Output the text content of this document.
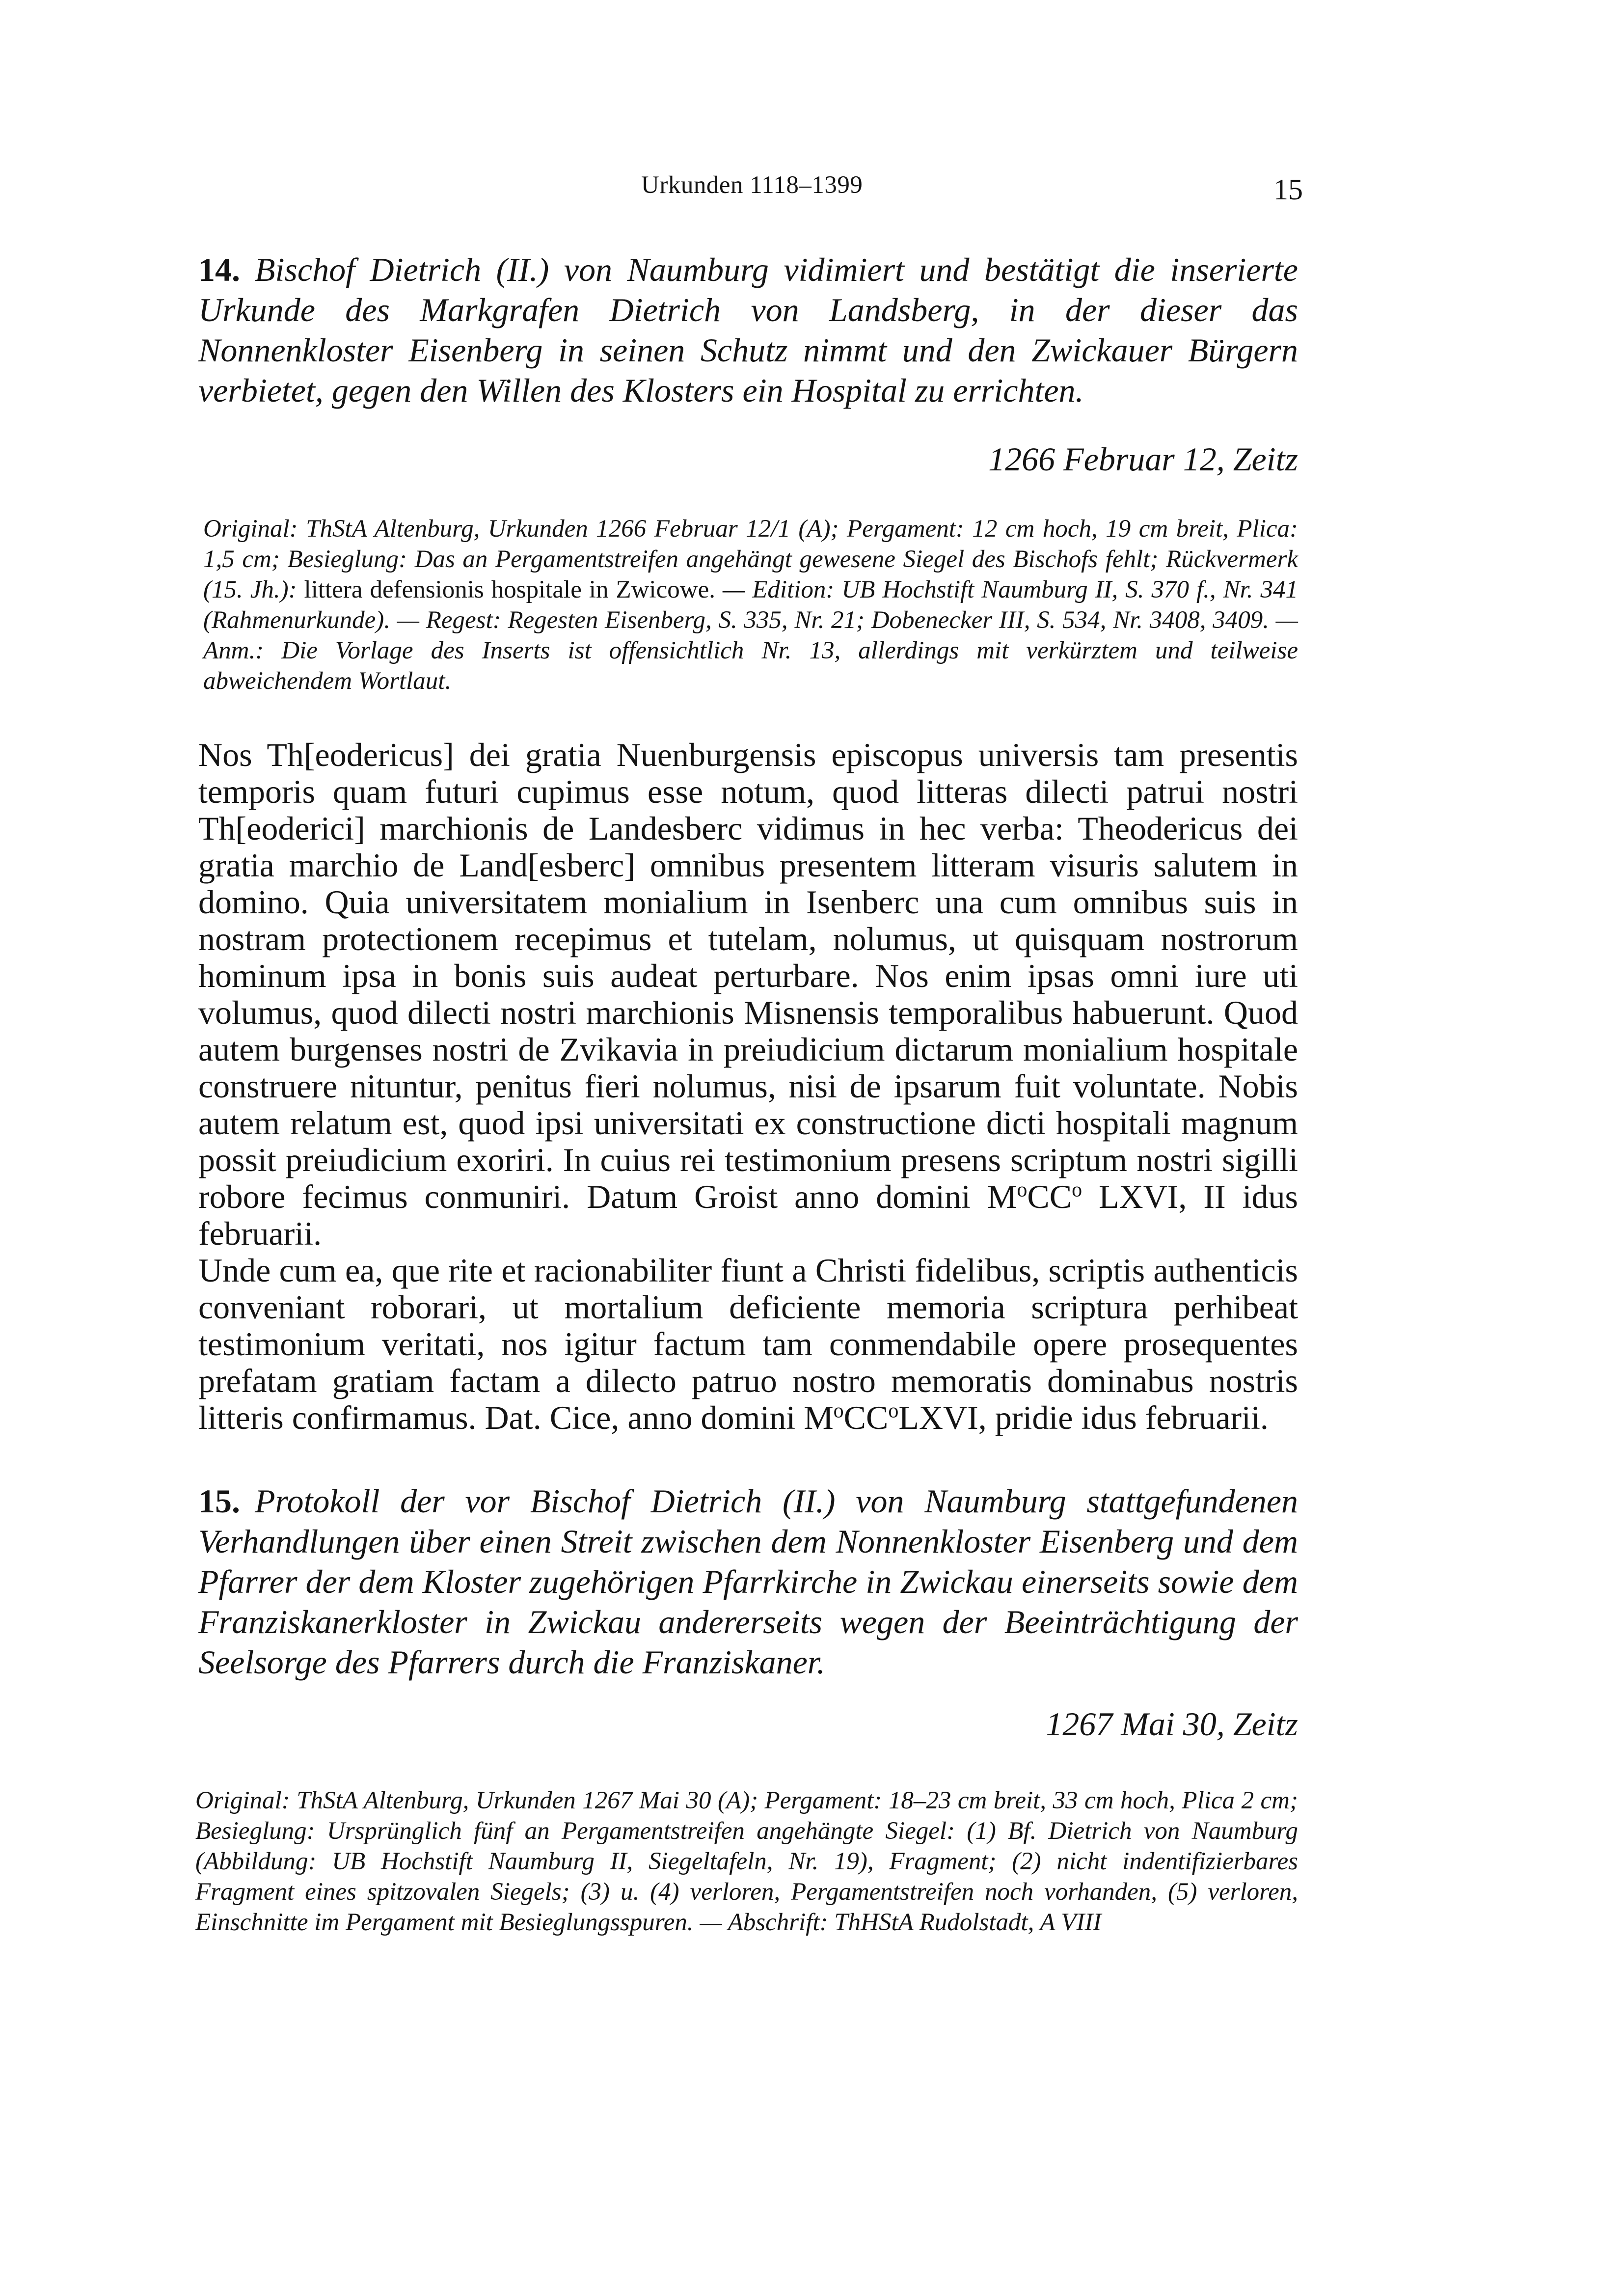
Urkunden 1118–1399	15

14. Bischof Dietrich (II.) von Naumburg vidimiert und bestätigt die inserierte Urkunde des Markgrafen Dietrich von Landsberg, in der dieser das Nonnenkloster Eisenberg in seinen Schutz nimmt und den Zwickauer Bürgern verbietet, gegen den Willen des Klosters ein Hospital zu errichten.

1266 Februar 12, Zeitz

Original: ThStA Altenburg, Urkunden 1266 Februar 12/1 (A); Pergament: 12 cm hoch, 19 cm breit, Plica: 1,5 cm; Besieglung: Das an Pergamentstreifen angehängt gewesene Siegel des Bischofs fehlt; Rückvermerk (15. Jh.): littera defensionis hospitale in Zwicowe. — Edition: UB Hochstift Naumburg II, S. 370 f., Nr. 341 (Rahmenurkunde). — Regest: Regesten Eisenberg, S. 335, Nr. 21; Dobenecker III, S. 534, Nr. 3408, 3409. — Anm.: Die Vorlage des Inserts ist offensichtlich Nr. 13, allerdings mit verkürztem und teilweise abweichendem Wortlaut.

Nos Th[eodericus] dei gratia Nuenburgensis episcopus universis tam presentis temporis quam futuri cupimus esse notum, quod litteras dilecti patrui nostri Th[eoderici] marchionis de Landesberc vidimus in hec verba: Theodericus dei gratia marchio de Land[esberc] omnibus presentem litteram visuris salutem in domino. Quia universitatem monialium in Isenberc una cum omnibus suis in nostram protectionem recepimus et tutelam, nolumus, ut quisquam nostrorum hominum ipsa in bonis suis audeat perturbare. Nos enim ipsas omni iure uti volumus, quod dilecti nostri marchionis Misnensis temporalibus habuerunt. Quod autem burgenses nostri de Zvikavia in preiudicium dictarum monialium hospitale construere nituntur, penitus fieri nolumus, nisi de ipsarum fuit voluntate. Nobis autem relatum est, quod ipsi universitati ex constructione dicti hospitali magnum possit preiudicium exoriri. In cuius rei testimonium presens scriptum nostri sigilli robore fecimus conmuniri. Datum Groist anno domini $M^oCC^o$ LXVI, II idus februarii.

Unde cum ea, que rite et racionabiliter fiunt a Christi fidelibus, scriptis authenticis conveniant roborari, ut mortalium deficiente memoria scriptura perhibeat testimonium veritati, nos igitur factum tam conmendabile opere prosequentes prefatam gratiam factam a dilecto patruo nostro memoratis dominabus nostris litteris confirmamus. Dat. Cice, anno domini $M^oCC^oLXVI$, pridie idus februarii.

15. Protokoll der vor Bischof Dietrich (II.) von Naumburg stattgefundenen Verhandlungen über einen Streit zwischen dem Nonnenkloster Eisenberg und dem Pfarrer der dem Kloster zugehörigen Pfarrkirche in Zwickau einerseits sowie dem Franziskanerkloster in Zwickau andererseits wegen der Beeinträchtigung der Seelsorge des Pfarrers durch die Franziskaner.

1267 Mai 30, Zeitz

Original: ThStA Altenburg, Urkunden 1267 Mai 30 (A); Pergament: 18–23 cm breit, 33 cm hoch, Plica 2 cm; Besieglung: Ursprünglich fünf an Pergamentstreifen angehängte Siegel: (1) Bf. Dietrich von Naumburg (Abbildung: UB Hochstift Naumburg II, Siegeltafeln, Nr. 19), Fragment; (2) nicht indentifizierbares Fragment eines spitzovalen Siegels; (3) u. (4) verloren, Pergamentstreifen noch vorhanden, (5) verloren, Einschnitte im Pergament mit Besieglungsspuren. — Abschrift: ThHStA Rudolstadt, A VIII
